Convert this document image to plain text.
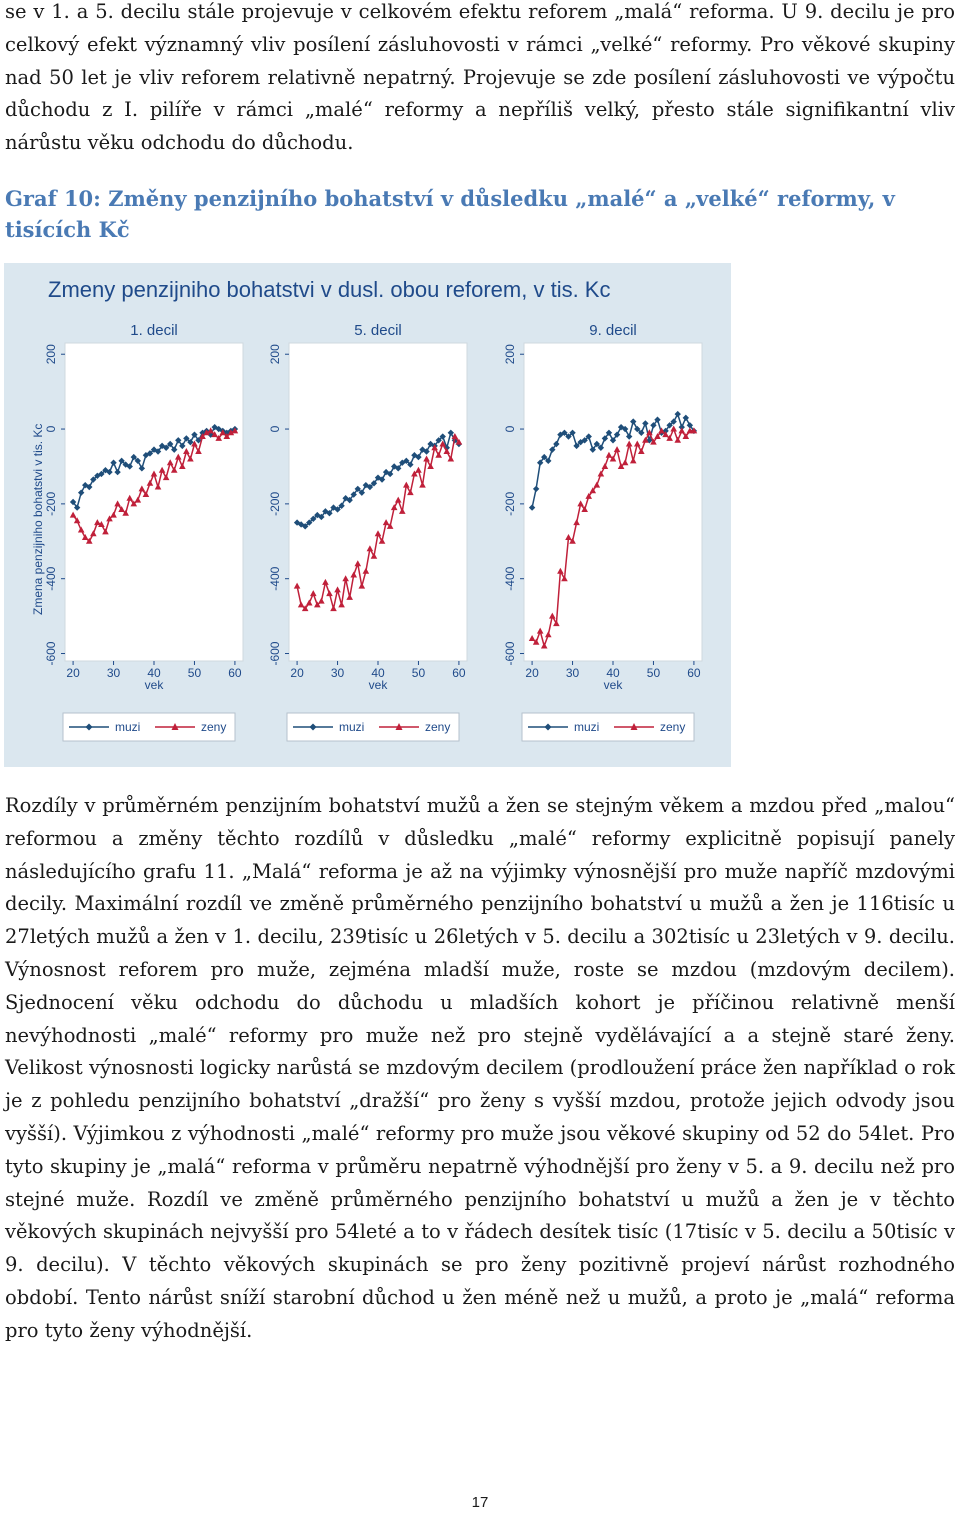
se v 1. a 5. decilu stále projevuje v celkovém efektu reforem „malá“ reforma. U 9. decilu je pro celkový efekt významný vliv posílení zásluhovosti v rámci „velké“ reformy. Pro věkové skupiny nad 50 let je vliv reforem relativně nepatrný. Projevuje se zde posílení zásluhovosti ve výpočtu důchodu z I. pilíře v rámci „malé“ reformy a nepříliš velký, přesto stále signifikantní vliv nárůstu věku odchodu do důchodu.

Graf 10: Změny penzijního bohatství v důsledku „malé“ a „velké“ reformy, v tisících Kč

Zmeny penzijniho bohatstvi v dusl. obou reforem, v tis. Kc
Zmena penzijniho bohatstvi v tis. Kc
1. decil
200
0
-200
-400
-600
20 30 40 50 60
vek
muzi	zeny
5. decil
200
0
-200
-400
-600
20 30 40 50 60
vek
muzi	zeny
9. decil
200
0
-200
-400
-600
20 30 40 50 60
vek
muzi	zeny

Rozdíly v průměrném penzijním bohatství mužů a žen se stejným věkem a mzdou před „malou“ reformou a změny těchto rozdílů v důsledku „malé“ reformy explicitně popisují panely následujícího grafu 11. „Malá“ reforma je až na výjimky výnosnější pro muže napříč mzdovými decily. Maximální rozdíl ve změně průměrného penzijního bohatství u mužů a žen je 116tisíc u 27letých mužů a žen v 1. decilu, 239tisíc u 26letých v 5. decilu a 302tisíc u 23letých v 9. decilu. Výnosnost reforem pro muže, zejména mladší muže, roste se mzdou (mzdovým decilem). Sjednocení věku odchodu do důchodu u mladších kohort je příčinou relativně menší nevýhodnosti „malé“ reformy pro muže než pro stejně vydělávající a a stejně staré ženy. Velikost výnosnosti logicky narůstá se mzdovým decilem (prodloužení práce žen například o rok je z pohledu penzijního bohatství „dražší“ pro ženy s vyšší mzdou, protože jejich odvody jsou vyšší). Výjimkou z výhodnosti „malé“ reformy pro muže jsou věkové skupiny od 52 do 54let. Pro tyto skupiny je „malá“ reforma v průměru nepatrně výhodnější pro ženy v 5. a 9. decilu než pro stejné muže. Rozdíl ve změně průměrného penzijního bohatství u mužů a žen je v těchto věkových skupinách nejvyšší pro 54leté a to v řádech desítek tisíc (17tisíc v 5. decilu a 50tisíc v 9. decilu). V těchto věkových skupinách se pro ženy pozitivně projeví nárůst rozhodného období. Tento nárůst sníží starobní důchod u žen méně než u mužů, a proto je „malá“ reforma pro tyto ženy výhodnější.

17
